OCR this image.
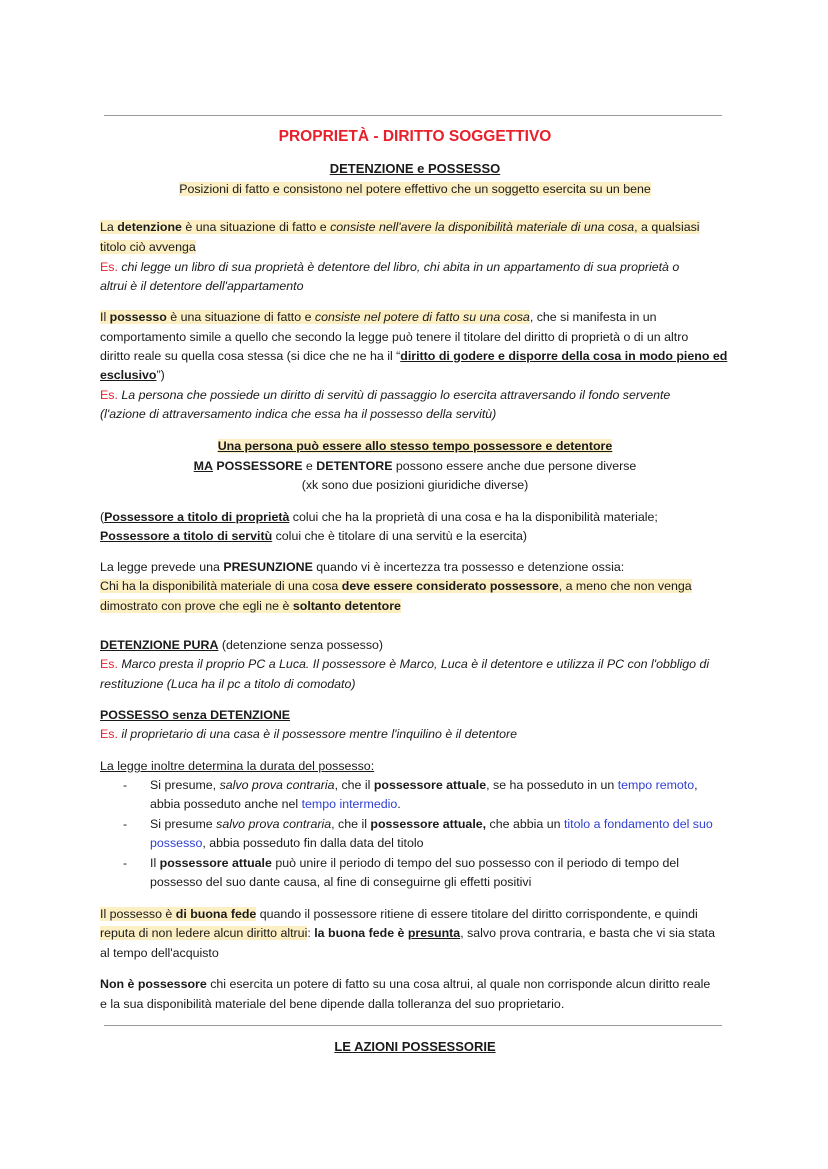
PROPRIETÀ - DIRITTO SOGGETTIVO
DETENZIONE e POSSESSO
Posizioni di fatto e consistono nel potere effettivo che un soggetto esercita su un bene
La detenzione è una situazione di fatto e consiste nell'avere la disponibilità materiale di una cosa, a qualsiasi
titolo ciò avvenga
Es. chi legge un libro di sua proprietà è detentore del libro, chi abita in un appartamento di sua proprietà o
altrui è il detentore dell'appartamento
Il possesso è una situazione di fatto e consiste nel potere di fatto su una cosa, che si manifesta in un
comportamento simile a quello che secondo la legge può tenere il titolare del diritto di proprietà o di un altro
diritto reale su quella cosa stessa (si dice che ne ha il “diritto di godere e disporre della cosa in modo pieno ed
esclusivo”)
Es. La persona che possiede un diritto di servitù di passaggio lo esercita attraversando il fondo servente
(l'azione di attraversamento indica che essa ha il possesso della servitù)
Una persona può essere allo stesso tempo possessore e detentore
MA POSSESSORE e DETENTORE possono essere anche due persone diverse
(xk sono due posizioni giuridiche diverse)
(Possessore a titolo di proprietà colui che ha la proprietà di una cosa e ha la disponibilità materiale;
Possessore a titolo di servitù colui che è titolare di una servitù e la esercita)
La legge prevede una PRESUNZIONE quando vi è incertezza tra possesso e detenzione ossia:
Chi ha la disponibilità materiale di una cosa deve essere considerato possessore, a meno che non venga
dimostrato con prove che egli ne è soltanto detentore
DETENZIONE PURA (detenzione senza possesso)
Es. Marco presta il proprio PC a Luca. Il possessore è Marco, Luca è il detentore e utilizza il PC con l'obbligo di
restituzione (Luca ha il pc a titolo di comodato)
POSSESSO senza DETENZIONE
Es. il proprietario di una casa è il possessore mentre l'inquilino è il detentore
La legge inoltre determina la durata del possesso:
- Si presume, salvo prova contraria, che il possessore attuale, se ha posseduto in un tempo remoto,
abbia posseduto anche nel tempo intermedio.
- Si presume salvo prova contraria, che il possessore attuale, che abbia un titolo a fondamento del suo
possesso, abbia posseduto fin dalla data del titolo
- Il possessore attuale può unire il periodo di tempo del suo possesso con il periodo di tempo del
possesso del suo dante causa, al fine di conseguirne gli effetti positivi
Il possesso è di buona fede quando il possessore ritiene di essere titolare del diritto corrispondente, e quindi
reputa di non ledere alcun diritto altrui: la buona fede è presunta, salvo prova contraria, e basta che vi sia stata
al tempo dell'acquisto
Non è possessore chi esercita un potere di fatto su una cosa altrui, al quale non corrisponde alcun diritto reale
e la sua disponibilità materiale del bene dipende dalla tolleranza del suo proprietario.
LE AZIONI POSSESSORIE
